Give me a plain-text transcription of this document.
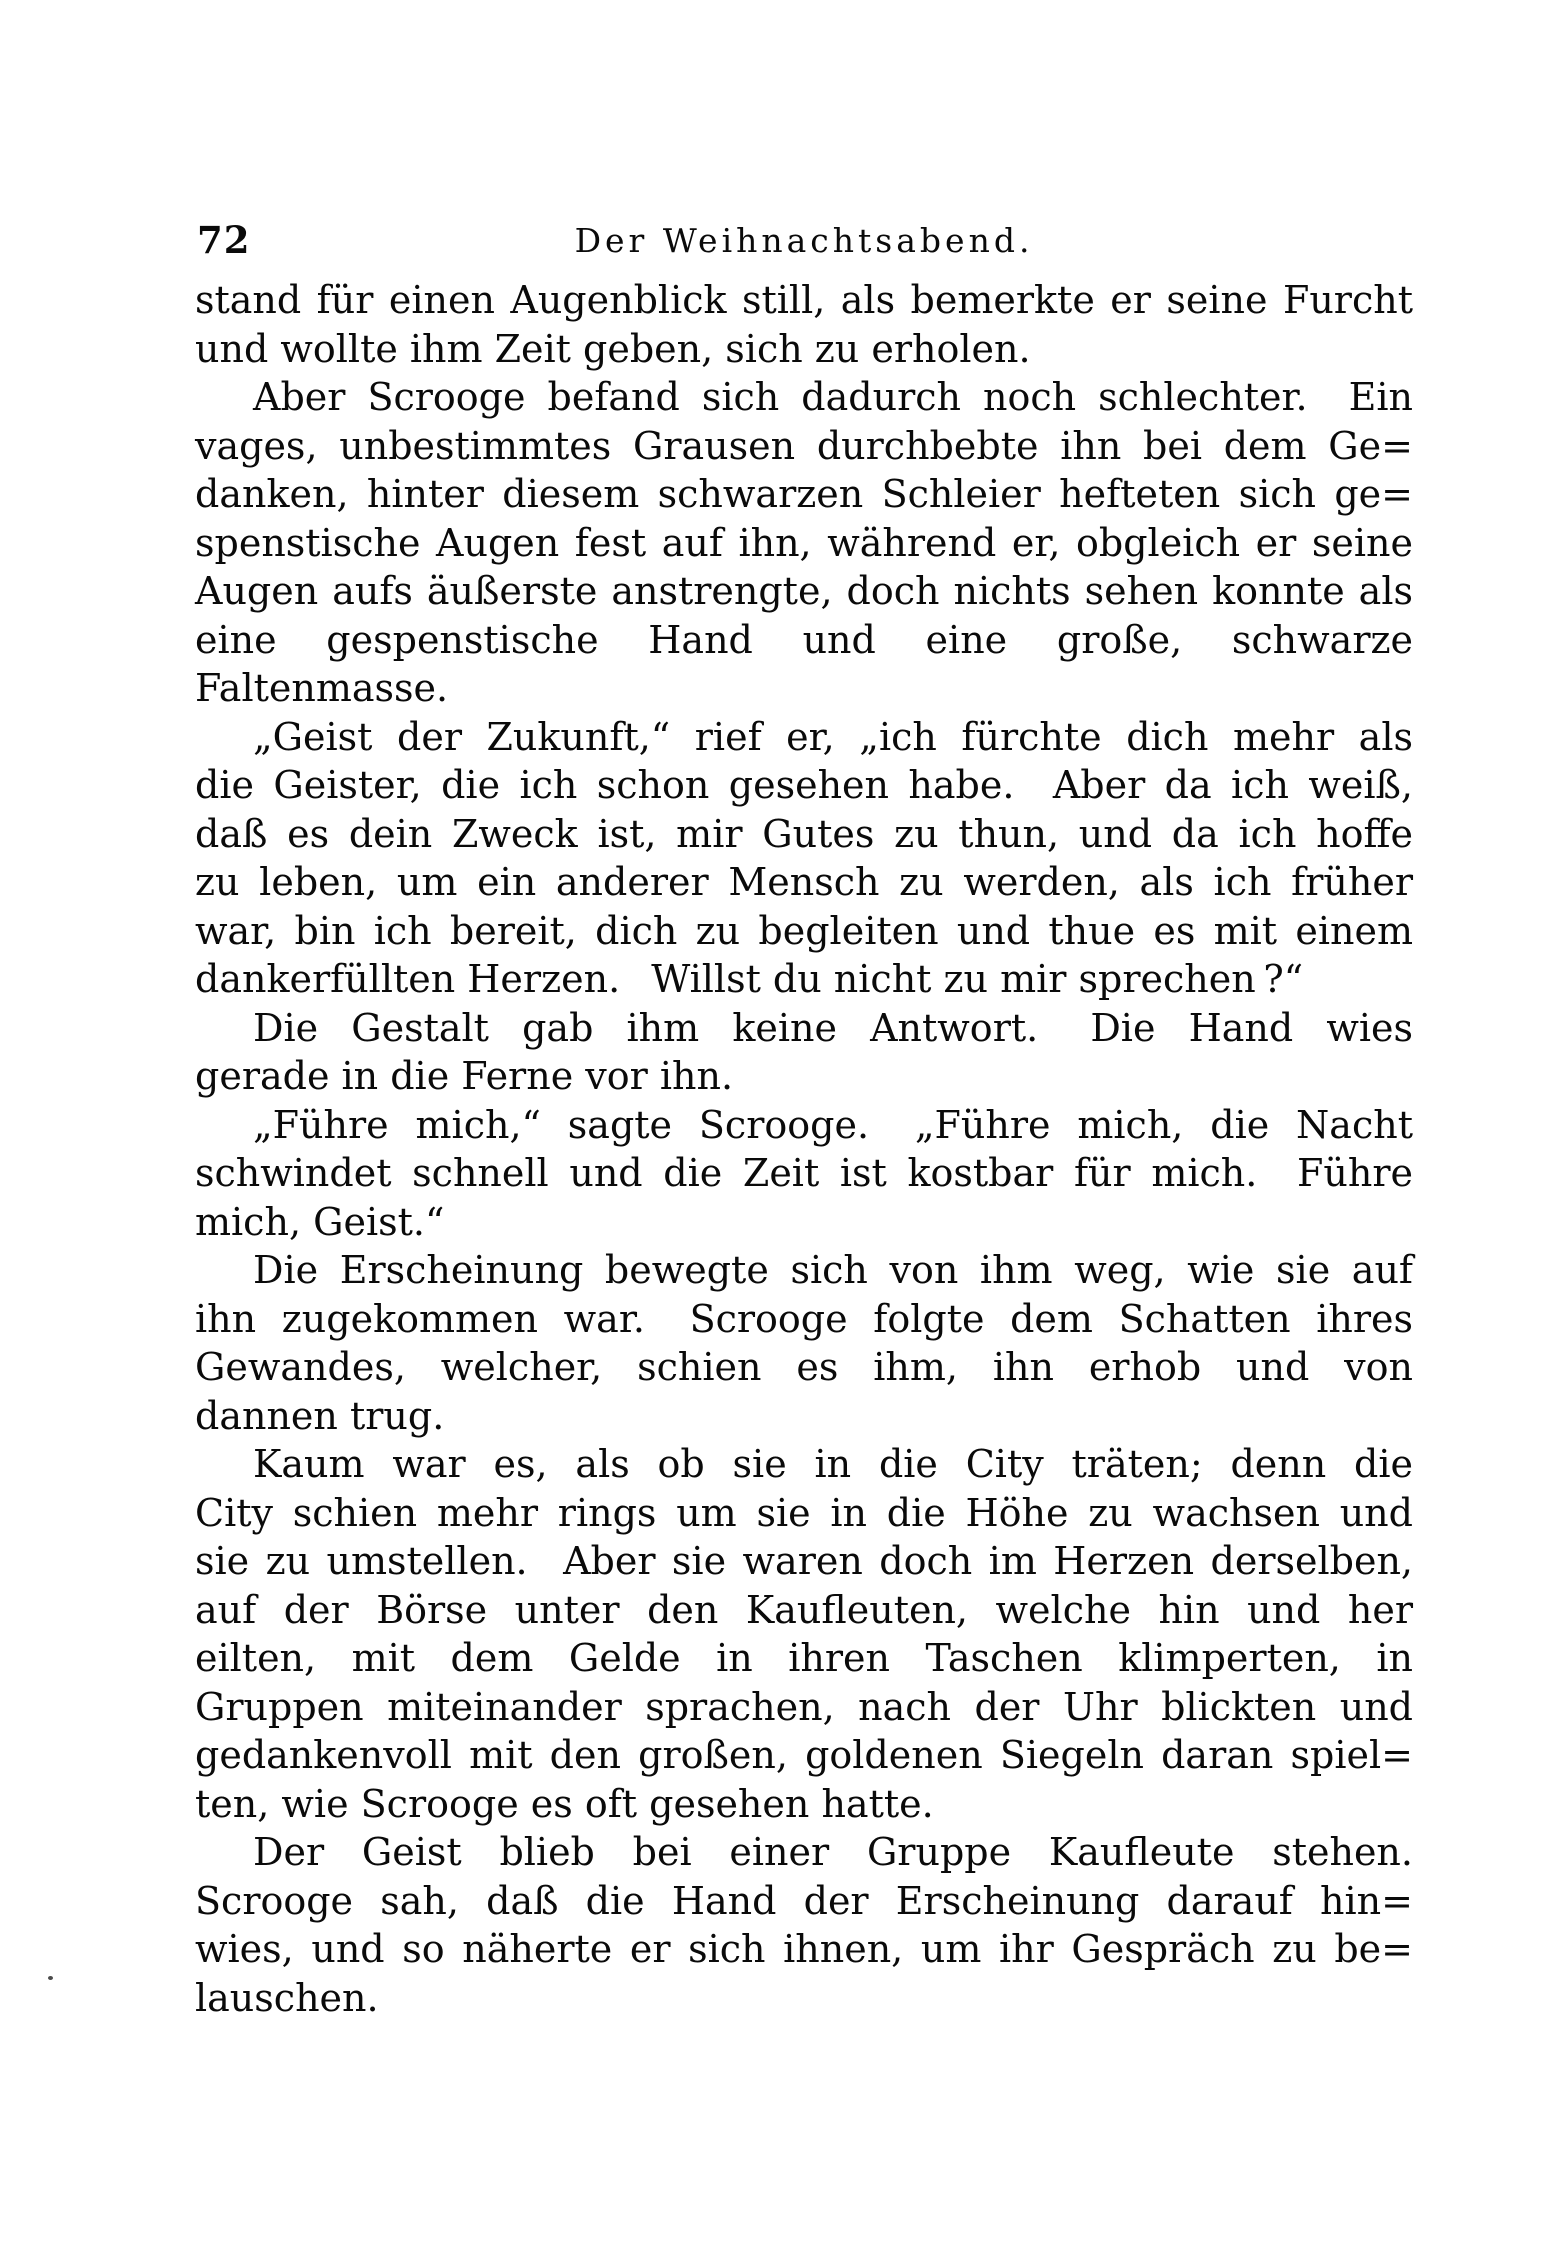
72	Der Weihnachtsabend.
stand für einen Augenblick still, als bemerkte er seine Furcht
und wollte ihm Zeit geben, sich zu erholen.
Aber Scrooge befand sich dadurch noch schlechter.  Ein
vages, unbestimmtes Grausen durchbebte ihn bei dem Ge=
danken, hinter diesem schwarzen Schleier hefteten sich ge=
spenstische Augen fest auf ihn, während er, obgleich er seine
Augen aufs äußerste anstrengte, doch nichts sehen konnte als
eine gespenstische Hand und eine große, schwarze Faltenmasse.
„Geist der Zukunft,“ rief er, „ich fürchte dich mehr als
die Geister, die ich schon gesehen habe.  Aber da ich weiß,
daß es dein Zweck ist, mir Gutes zu thun, und da ich hoffe
zu leben, um ein anderer Mensch zu werden, als ich früher
war, bin ich bereit, dich zu begleiten und thue es mit einem
dankerfüllten Herzen.  Willst du nicht zu mir sprechen ?“
Die Gestalt gab ihm keine Antwort.  Die Hand wies
gerade in die Ferne vor ihn.
„Führe mich,“ sagte Scrooge.  „Führe mich, die Nacht
schwindet schnell und die Zeit ist kostbar für mich.  Führe
mich, Geist.“
Die Erscheinung bewegte sich von ihm weg, wie sie auf
ihn zugekommen war.  Scrooge folgte dem Schatten ihres
Gewandes, welcher, schien es ihm, ihn erhob und von
dannen trug.
Kaum war es, als ob sie in die City träten; denn die
City schien mehr rings um sie in die Höhe zu wachsen und
sie zu umstellen.  Aber sie waren doch im Herzen derselben,
auf der Börse unter den Kaufleuten, welche hin und her
eilten, mit dem Gelde in ihren Taschen klimperten, in
Gruppen miteinander sprachen, nach der Uhr blickten und
gedankenvoll mit den großen, goldenen Siegeln daran spiel=
ten, wie Scrooge es oft gesehen hatte.
Der Geist blieb bei einer Gruppe Kaufleute stehen.
Scrooge sah, daß die Hand der Erscheinung darauf hin=
wies, und so näherte er sich ihnen, um ihr Gespräch zu be=
lauschen.
